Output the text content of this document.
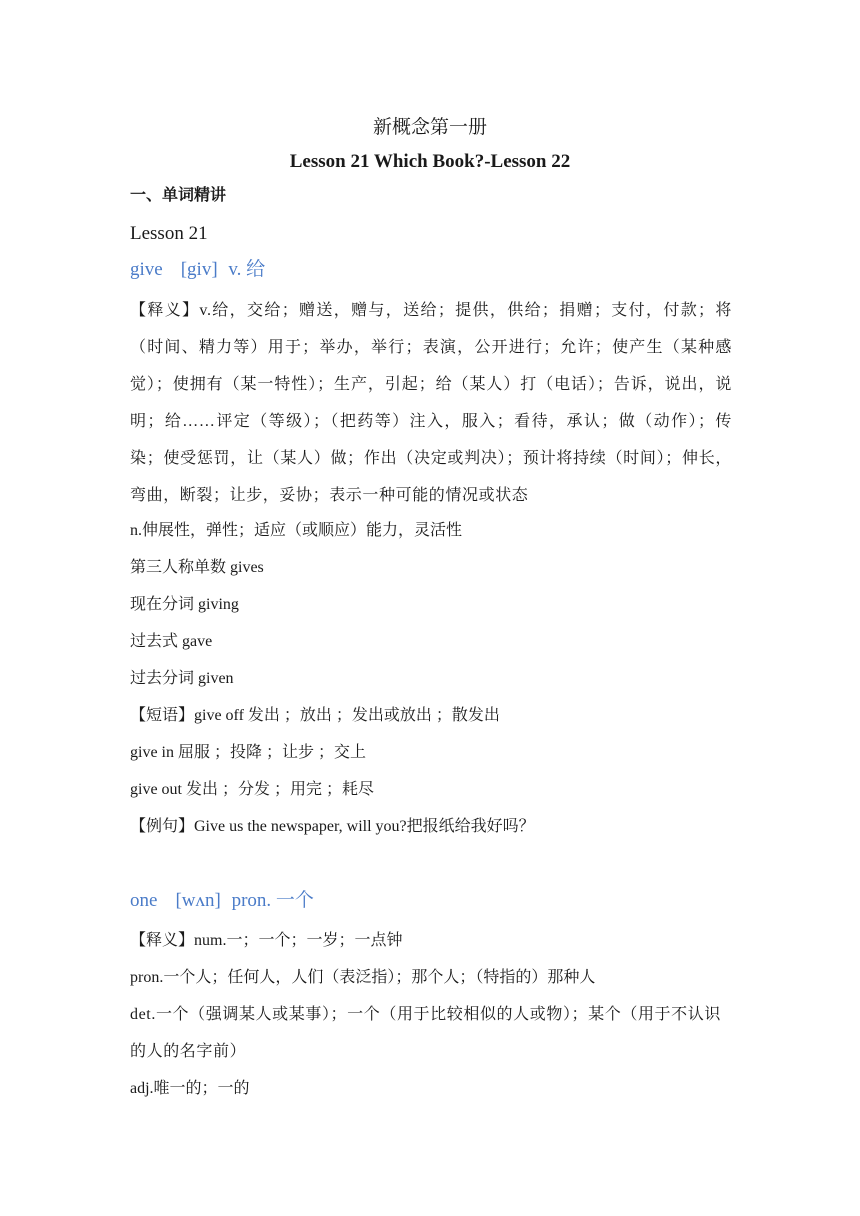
新概念第一册
Lesson 21 Which Book?-Lesson 22
一、单词精讲
Lesson 21
give [giv] v. 给
【释义】v.给，交给；赠送，赠与，送给；提供，供给；捐赠；支付，付款；将（时间、精力等）用于；举办，举行；表演，公开进行；允许；使产生（某种感觉）；使拥有（某一特性）；生产，引起；给（某人）打（电话）；告诉，说出，说明；给……评定（等级）；（把药等）注入，服入；看待，承认；做（动作）；传染；使受惩罚，让（某人）做；作出（决定或判决）；预计将持续（时间）；伸长，弯曲，断裂；让步，妥协；表示一种可能的情况或状态
n.伸展性，弹性；适应（或顺应）能力，灵活性
第三人称单数 gives
现在分词 giving
过去式 gave
过去分词 given
【短语】give off 发出 ；放出 ；发出或放出 ；散发出
give in 屈服 ；投降 ；让步 ；交上
give out 发出 ；分发 ；用完 ；耗尽
【例句】Give us the newspaper, will you?把报纸给我好吗？
one [wʌn] pron. 一个
【释义】num.一；一个；一岁；一点钟
pron.一个人；任何人，人们（表泛指）；那个人；（特指的）那种人
det.一个（强调某人或某事）；一个（用于比较相似的人或物）；某个（用于不认识的人的名字前）
adj.唯一的；一的
